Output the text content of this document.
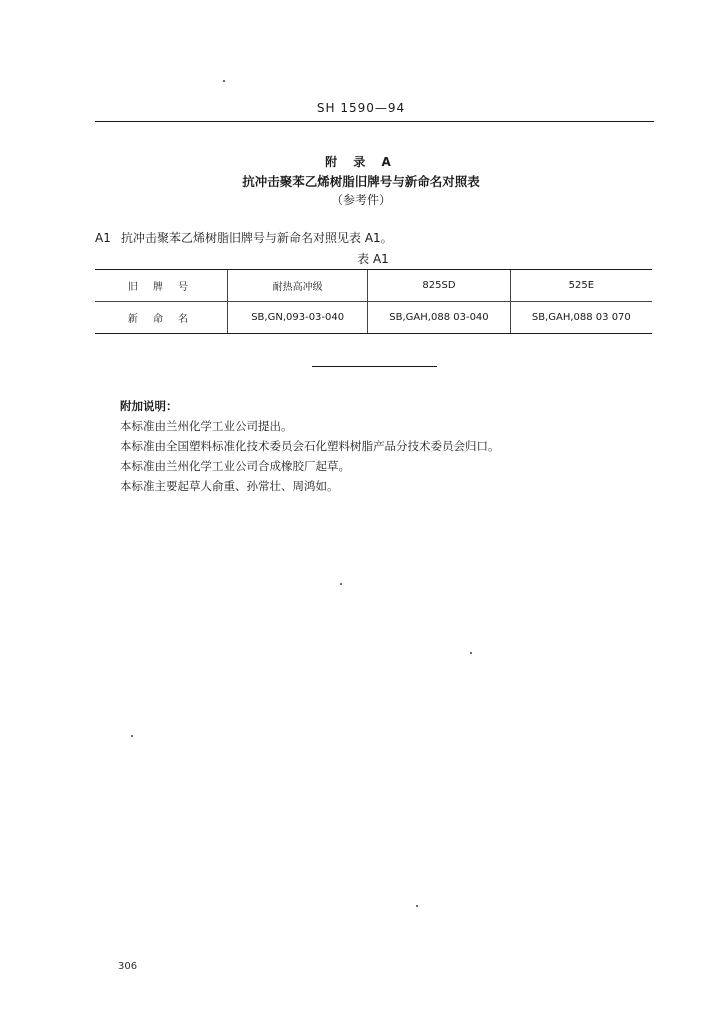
SH 1590—94
附 录 A
抗冲击聚苯乙烯树脂旧牌号与新命名对照表
（参考件）
A1 抗冲击聚苯乙烯树脂旧牌号与新命名对照见表 A1。
表 A1
旧 牌 号	耐热高冲级	825SD	525E
新 命 名	SB,GN,093-03-040	SB,GAH,088 03-040	SB,GAH,088 03 070
附加说明：
本标准由兰州化学工业公司提出。
本标准由全国塑料标准化技术委员会石化塑料树脂产品分技术委员会归口。
本标准由兰州化学工业公司合成橡胶厂起草。
本标准主要起草人俞重、孙常壮、周鸿如。
306
